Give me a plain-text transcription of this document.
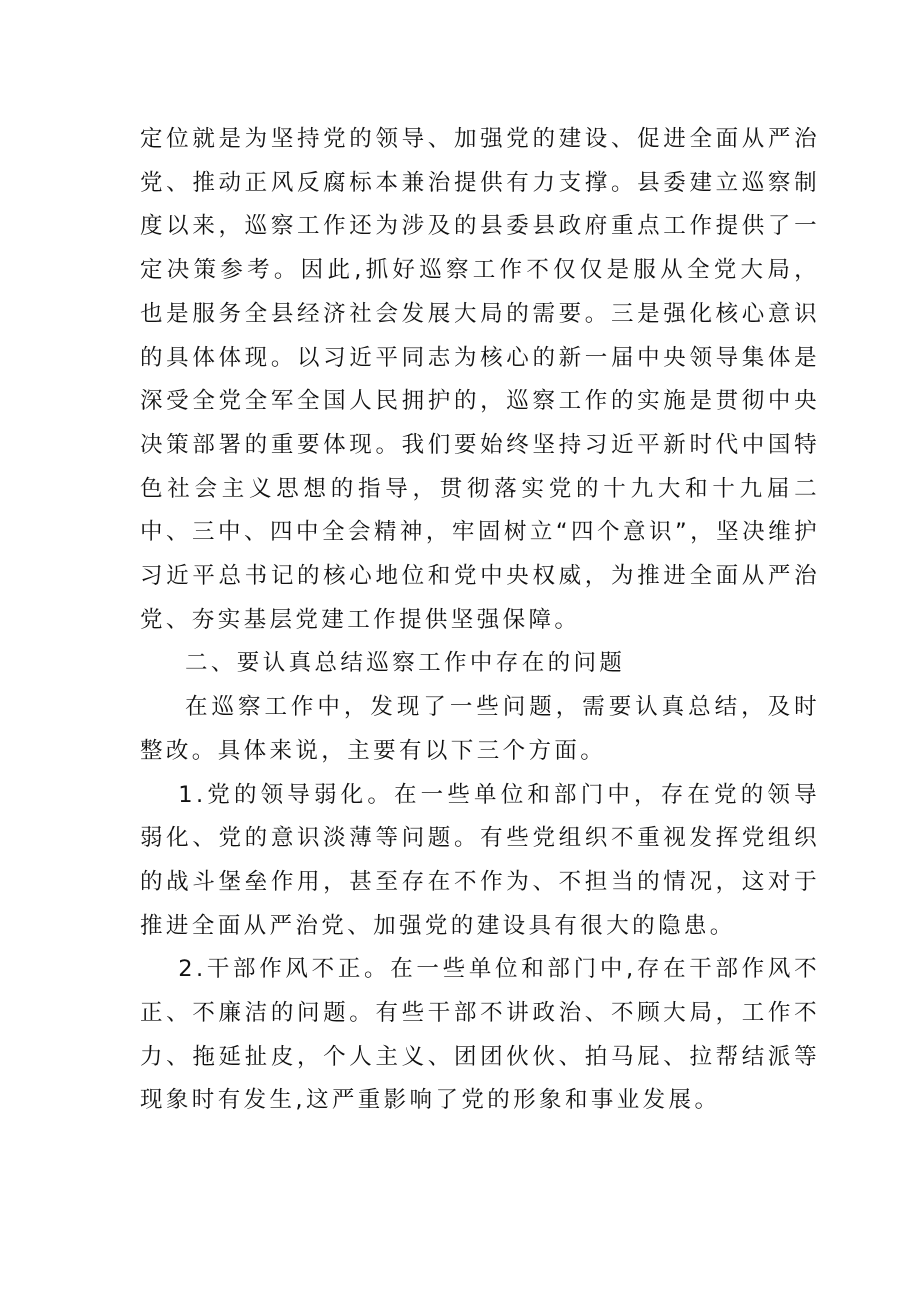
定位就是为坚持党的领导、加强党的建设、促进全面从严治党、推动正风反腐标本兼治提供有力支撑。县委建立巡察制度以来，巡察工作还为涉及的县委县政府重点工作提供了一定决策参考。因此,抓好巡察工作不仅仅是服从全党大局，也是服务全县经济社会发展大局的需要。三是强化核心意识的具体体现。以习近平同志为核心的新一届中央领导集体是深受全党全军全国人民拥护的，巡察工作的实施是贯彻中央决策部署的重要体现。我们要始终坚持习近平新时代中国特色社会主义思想的指导，贯彻落实党的十九大和十九届二中、三中、四中全会精神，牢固树立“四个意识”，坚决维护习近平总书记的核心地位和党中央权威，为推进全面从严治党、夯实基层党建工作提供坚强保障。

二、要认真总结巡察工作中存在的问题

在巡察工作中，发现了一些问题，需要认真总结，及时整改。具体来说，主要有以下三个方面。

1.党的领导弱化。在一些单位和部门中，存在党的领导弱化、党的意识淡薄等问题。有些党组织不重视发挥党组织的战斗堡垒作用，甚至存在不作为、不担当的情况，这对于推进全面从严治党、加强党的建设具有很大的隐患。

2.干部作风不正。在一些单位和部门中,存在干部作风不正、不廉洁的问题。有些干部不讲政治、不顾大局，工作不力、拖延扯皮，个人主义、团团伙伙、拍马屁、拉帮结派等现象时有发生,这严重影响了党的形象和事业发展。
